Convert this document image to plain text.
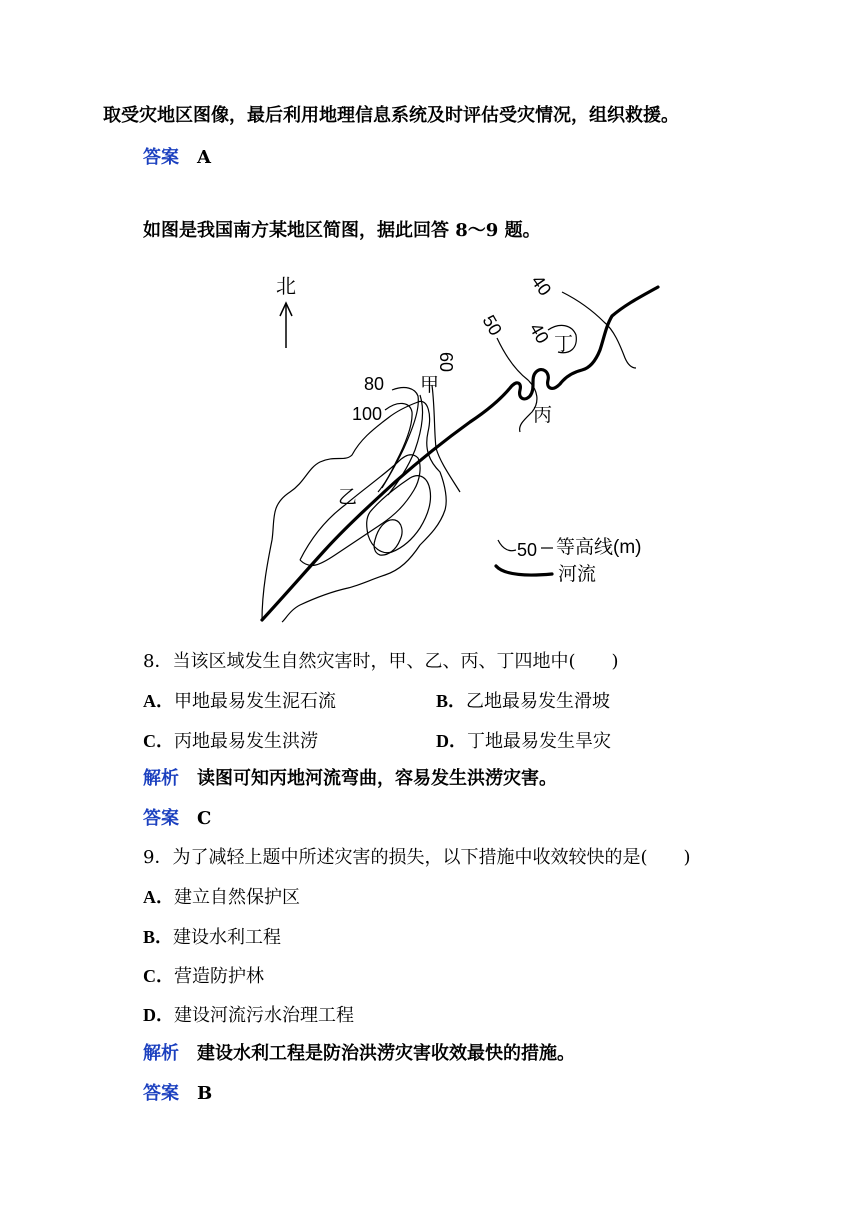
取受灾地区图像，最后利用地理信息系统及时评估受灾情况，组织救援。
答案 A
如图是我国南方某地区简图，据此回答 8～9 题。
北	40
50 40
60
80
100
甲
乙
丙
丁
50 等高线(m)
河流
8．当该区域发生自然灾害时，甲、乙、丙、丁四地中(　　)
A．甲地最易发生泥石流	B．乙地最易发生滑坡
C．丙地最易发生洪涝	D．丁地最易发生旱灾
解析 读图可知丙地河流弯曲，容易发生洪涝灾害。
答案 C
9．为了减轻上题中所述灾害的损失，以下措施中收效较快的是(　　)
A．建立自然保护区
B．建设水利工程
C．营造防护林
D．建设河流污水治理工程
解析 建设水利工程是防治洪涝灾害收效最快的措施。
答案 B
